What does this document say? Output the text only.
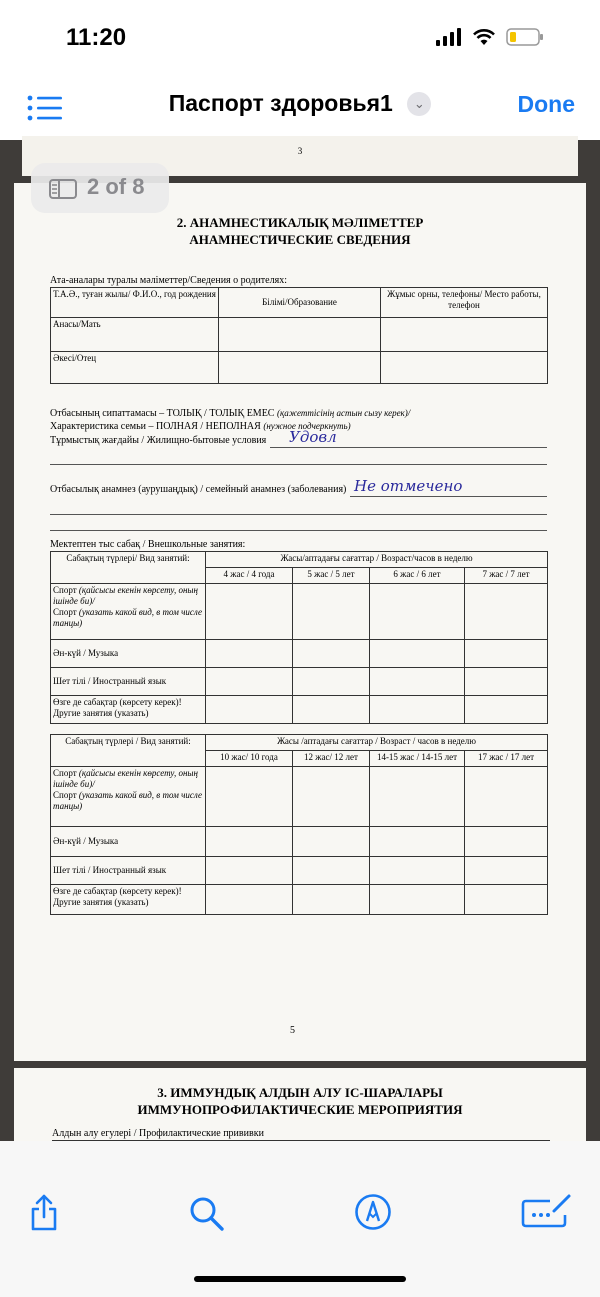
11:20
Паспорт здоровья1 ⌄	Done
3
2. АНАМНЕСТИКАЛЫҚ МӘЛІМЕТТЕР
АНАМНЕСТИЧЕСКИЕ СВЕДЕНИЯ
Ата-аналары туралы мәліметтер/Сведения о родителях:
Т.А.Ә., туған жылы/ Ф.И.О., год рождения	Білімі/Образование	Жұмыс орны, телефоны/ Место работы, телефон
Анасы/Мать		
Әкесі/Отец		
Отбасының сипаттамасы – ТОЛЫҚ / ТОЛЫҚ ЕМЕС (қажеттісінің астын сызу керек)/
Характеристика семьи – ПОЛНАЯ / НЕПОЛНАЯ (нужное подчеркнуть)
Тұрмыстық жағдайы / Жилищно-бытовые условия Удовл
Отбасылық анамнез (аурушаңдық) / семейный анамнез (заболевания) Не отмечено
Мектептен тыс сабақ / Внешкольные занятия:
Сабақтың түрлері/ Вид занятий:	Жасы/аптадағы сағаттар / Возраст/часов в неделю			
	4 жас / 4 года	5 жас / 5 лет	6 жас / 6 лет	7 жас / 7 лет
Спорт (қайсысы екенін көрсету, оның ішінде би)/
Спорт (указать какой вид, в том числе танцы)				
Ән-күй / Музыка				
Шет тілі / Иностранный язык				
Өзге де сабақтар (көрсету керек)! Другие занятия (указать)				
Сабақтың түрлері / Вид занятий:	Жасы /аптадағы сағаттар / Возраст / часов в неделю			
	10 жас/ 10 года	12 жас/ 12 лет	14-15 жас / 14-15 лет	17 жас / 17 лет
Спорт (қайсысы екенін көрсету, оның ішінде би)/
Спорт (указать какой вид, в том числе танцы)				
Ән-күй / Музыка				
Шет тілі / Иностранный язык				
Өзге де сабақтар (көрсету керек)! Другие занятия (указать)				
5
3. ИММУНДЫҚ АЛДЫН АЛУ ІС-ШАРАЛАРЫ
ИММУНОПРОФИЛАКТИЧЕСКИЕ МЕРОПРИЯТИЯ
Алдын алу егулері / Профилактические прививки

2 of 8
